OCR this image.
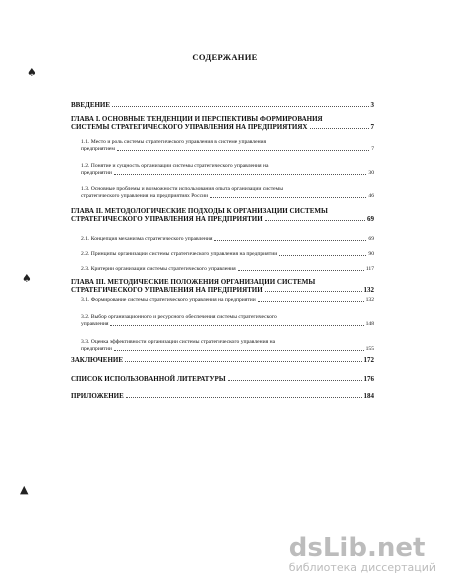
СОДЕРЖАНИЕ
ВВЕДЕНИЕ	3
ГЛАВА I. ОСНОВНЫЕ ТЕНДЕНЦИИ И ПЕРСПЕКТИВЫ ФОРМИРОВАНИЯ
СИСТЕМЫ СТРАТЕГИЧЕСКОГО УПРАВЛЕНИЯ НА ПРЕДПРИЯТИЯХ	7
1.1. Место и роль системы стратегического управления в системе управления
предприятием	7
1.2. Понятие и сущность организации системы стратегического управления на
предприятии	30
1.3. Основные проблемы и возможности использования опыта организации системы
стратегического управления на предприятиях России	46
ГЛАВА II. МЕТОДОЛОГИЧЕСКИЕ ПОДХОДЫ К ОРГАНИЗАЦИИ СИСТЕМЫ
СТРАТЕГИЧЕСКОГО УПРАВЛЕНИЯ НА ПРЕДПРИЯТИИ	69
2.1. Концепция механизма стратегического управления	69
2.2. Принципы организации системы стратегического управления на предприятии	90
2.3. Критерии организации системы стратегического управления	117
ГЛАВА III. МЕТОДИЧЕСКИЕ ПОЛОЖЕНИЯ ОРГАНИЗАЦИИ СИСТЕМЫ
СТРАТЕГИЧЕСКОГО УПРАВЛЕНИЯ НА ПРЕДПРИЯТИИ	132
3.1. Формирование системы стратегического управления на предприятии	132
3.2. Выбор организационного и ресурсного обеспечения системы стратегического
управления	148
3.3. Оценка эффективности организации системы стратегического управления на
предприятии	155
ЗАКЛЮЧЕНИЕ	172
СПИСОК ИСПОЛЬЗОВАННОЙ ЛИТЕРАТУРЫ	176
ПРИЛОЖЕНИЕ	184
♠
♠
▲
dsLib.net
библиотека диссертаций
